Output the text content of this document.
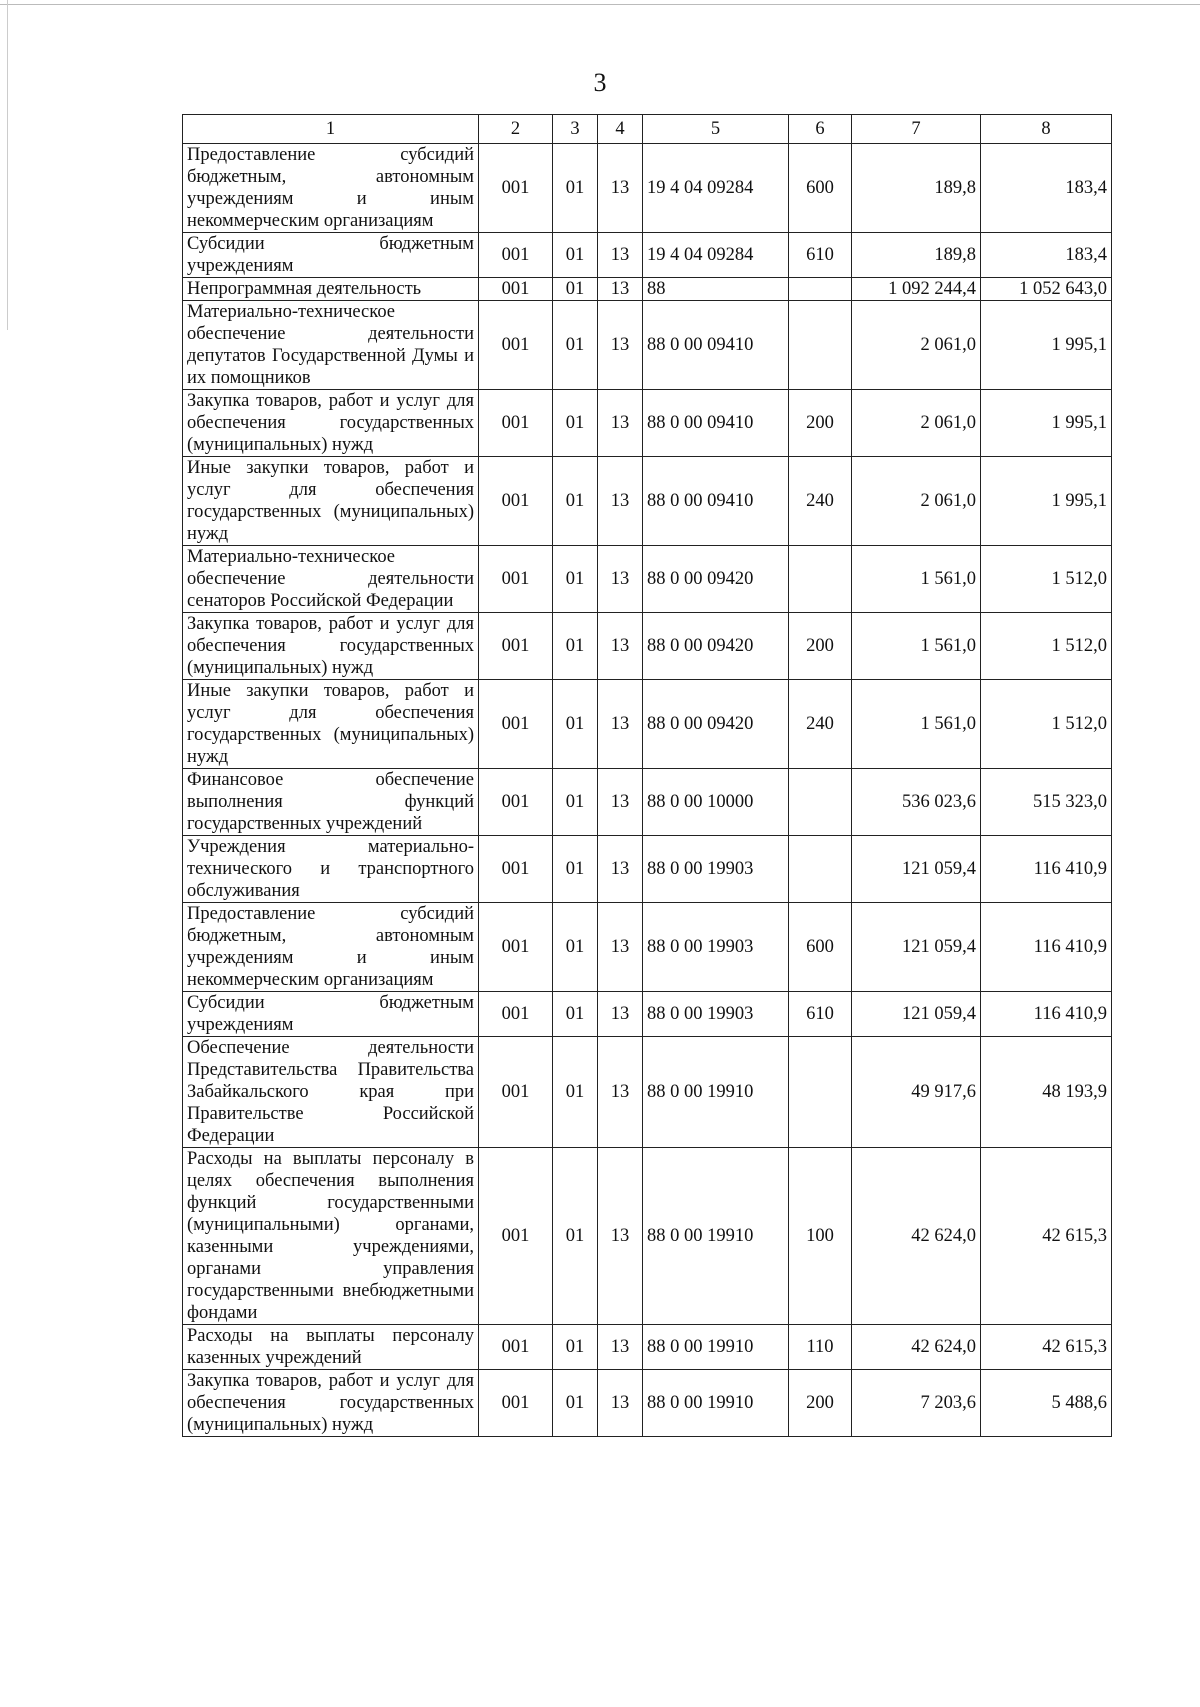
3
1	2	3	4	5	6	7	8
Предоставление субсидий бюджетным, автономным учреждениям и иным некоммерческим организациям	001	01	13	19 4 04 09284	600	189,8	183,4
Субсидии бюджетным учреждениям	001	01	13	19 4 04 09284	610	189,8	183,4
Непрограммная деятельность	001	01	13	88		1 092 244,4	1 052 643,0
Материально-техническое обеспечение деятельности депутатов Государственной Думы и их помощников	001	01	13	88 0 00 09410		2 061,0	1 995,1
Закупка товаров, работ и услуг для обеспечения государственных (муниципальных) нужд	001	01	13	88 0 00 09410	200	2 061,0	1 995,1
Иные закупки товаров, работ и услуг для обеспечения государственных (муниципальных) нужд	001	01	13	88 0 00 09410	240	2 061,0	1 995,1
Материально-техническое обеспечение деятельности сенаторов Российской Федерации	001	01	13	88 0 00 09420		1 561,0	1 512,0
Закупка товаров, работ и услуг для обеспечения государственных (муниципальных) нужд	001	01	13	88 0 00 09420	200	1 561,0	1 512,0
Иные закупки товаров, работ и услуг для обеспечения государственных (муниципальных) нужд	001	01	13	88 0 00 09420	240	1 561,0	1 512,0
Финансовое обеспечение выполнения функций государственных учреждений	001	01	13	88 0 00 10000		536 023,6	515 323,0
Учреждения материально-технического и транспортного обслуживания	001	01	13	88 0 00 19903		121 059,4	116 410,9
Предоставление субсидий бюджетным, автономным учреждениям и иным некоммерческим организациям	001	01	13	88 0 00 19903	600	121 059,4	116 410,9
Субсидии бюджетным учреждениям	001	01	13	88 0 00 19903	610	121 059,4	116 410,9
Обеспечение деятельности Представительства Правительства Забайкальского края при Правительстве Российской Федерации	001	01	13	88 0 00 19910		49 917,6	48 193,9
Расходы на выплаты персоналу в целях обеспечения выполнения функций государственными (муниципальными) органами, казенными учреждениями, органами управления государственными внебюджетными фондами	001	01	13	88 0 00 19910	100	42 624,0	42 615,3
Расходы на выплаты персоналу казенных учреждений	001	01	13	88 0 00 19910	110	42 624,0	42 615,3
Закупка товаров, работ и услуг для обеспечения государственных (муниципальных) нужд	001	01	13	88 0 00 19910	200	7 203,6	5 488,6
